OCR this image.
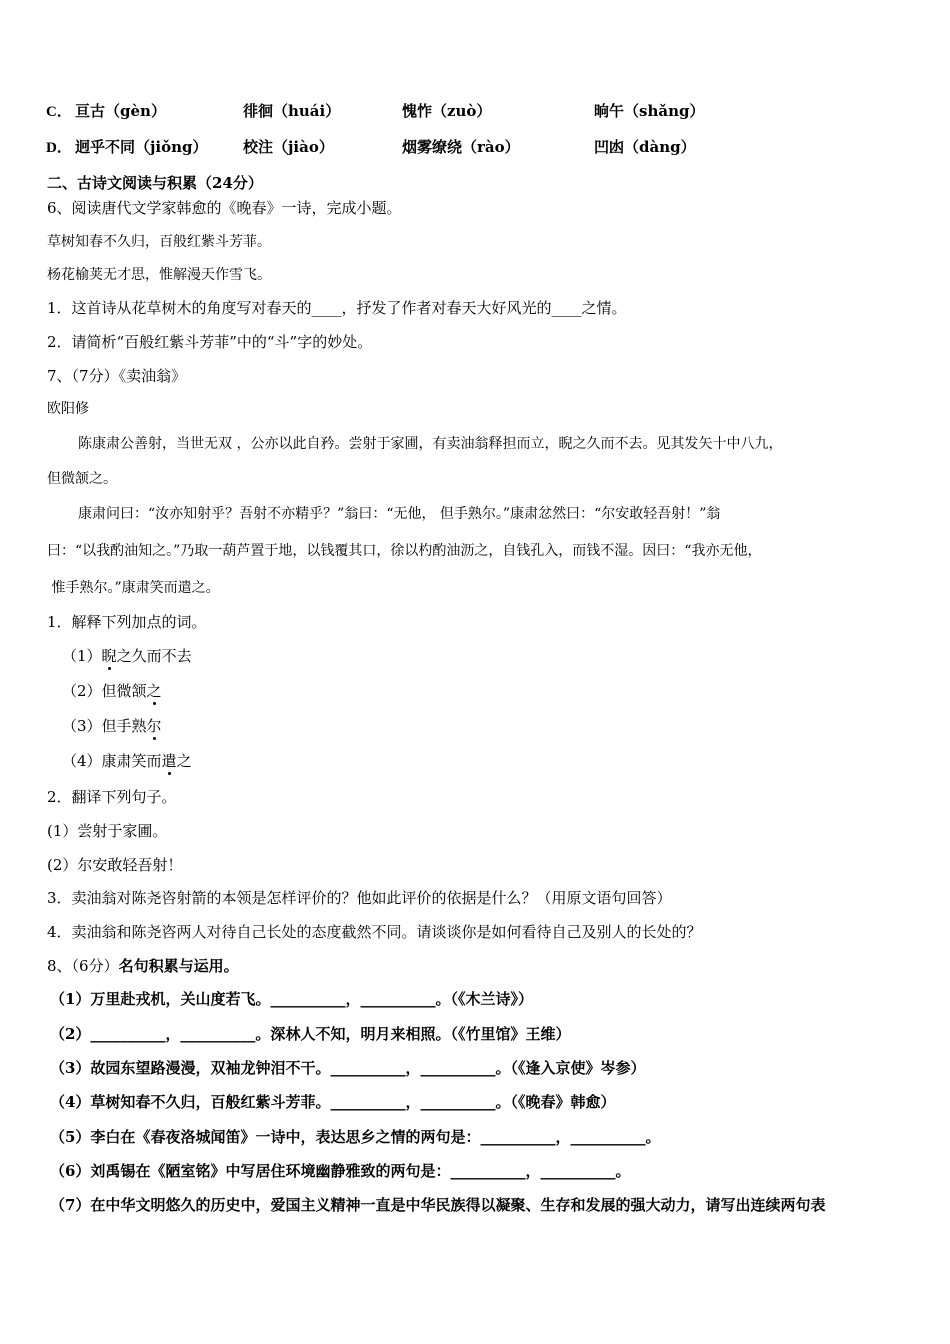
C． 亘古（gèn）	徘徊（huái）	愧怍（zuò）	晌午（shǎng）
D． 迥乎不同（jiǒng） 校注（jiào）	烟雾缭绕（rào）	凹凼（dàng）
二、古诗文阅读与积累（24分）
6、阅读唐代文学家韩愈的《晚春》一诗，完成小题。
草树知春不久归，百般红紫斗芳菲。
杨花榆荚无才思，惟解漫天作雪飞。
1．这首诗从花草树木的角度写对春天的____，抒发了作者对春天大好风光的____之情。
2．请简析“百般红紫斗芳菲”中的“斗”字的妙处。
7、（7分）《卖油翁》
欧阳修
陈康肃公善射，当世无双 ，公亦以此自矜。尝射于家圃，有卖油翁释担而立，睨之久而不去。见其发矢十中八九，
但微颔之。
康肃问曰：“汝亦知射乎？吾射不亦精乎？”翁曰：“无他， 但手熟尔。”康肃忿然曰：“尔安敢轻吾射！”翁
曰：“以我酌油知之。”乃取一葫芦置于地，以钱覆其口，徐以杓酌油沥之，自钱孔入，而钱不湿。因曰：“我亦无他，
惟手熟尔。”康肃笑而遣之。
1．解释下列加点的词。
（1）睨之久而不去
（2）但微颔之
（3）但手熟尔
（4）康肃笑而遣之
2．翻译下列句子。
(1）尝射于家圃。
(2）尔安敢轻吾射！
3．卖油翁对陈尧咨射箭的本领是怎样评价的？他如此评价的依据是什么？（用原文语句回答）
4．卖油翁和陈尧咨两人对待自己长处的态度截然不同。请谈谈你是如何看待自己及别人的长处的？
8、（6分）名句积累与运用。
（1）万里赴戎机，关山度若飞。__________，__________。（《木兰诗》）
（2）__________，__________。深林人不知，明月来相照。（《竹里馆》王维）
（3）故园东望路漫漫，双袖龙钟泪不干。__________，__________。（《逢入京使》岑参）
（4）草树知春不久归，百般红紫斗芳菲。__________，__________。（《晚春》韩愈）
（5）李白在《春夜洛城闻笛》一诗中，表达思乡之情的两句是：__________，__________。
（6）刘禹锡在《陋室铭》中写居住环境幽静雅致的两句是：__________，__________。
（7）在中华文明悠久的历史中，爱国主义精神一直是中华民族得以凝聚、生存和发展的强大动力，请写出连续两句表
